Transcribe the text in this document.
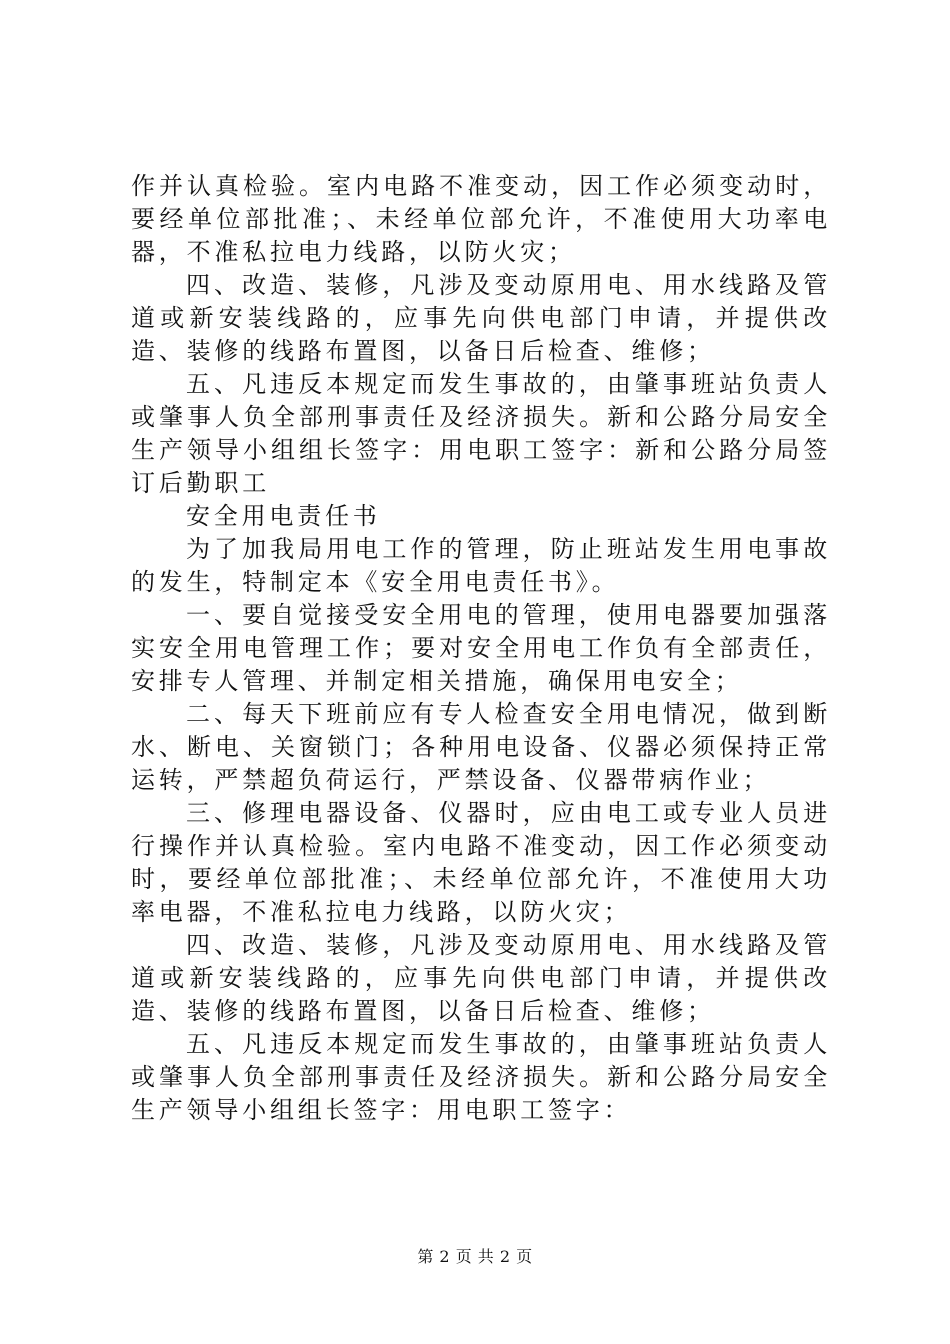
作并认真检验。室内电路不准变动，因工作必须变动时，要经单位部批准；、未经单位部允许，不准使用大功率电器，不准私拉电力线路，以防火灾；

四、改造、装修，凡涉及变动原用电、用水线路及管道或新安装线路的，应事先向供电部门申请，并提供改造、装修的线路布置图，以备日后检查、维修；

五、凡违反本规定而发生事故的，由肇事班站负责人或肇事人负全部刑事责任及经济损失。新和公路分局安全生产领导小组组长签字：用电职工签字：新和公路分局签订后勤职工

安全用电责任书

为了加我局用电工作的管理，防止班站发生用电事故的发生，特制定本《安全用电责任书》。

一、要自觉接受安全用电的管理，使用电器要加强落实安全用电管理工作；要对安全用电工作负有全部责任，安排专人管理、并制定相关措施，确保用电安全；

二、每天下班前应有专人检查安全用电情况，做到断水、断电、关窗锁门；各种用电设备、仪器必须保持正常运转，严禁超负荷运行，严禁设备、仪器带病作业；

三、修理电器设备、仪器时，应由电工或专业人员进行操作并认真检验。室内电路不准变动，因工作必须变动时，要经单位部批准；、未经单位部允许，不准使用大功率电器，不准私拉电力线路，以防火灾；

四、改造、装修，凡涉及变动原用电、用水线路及管道或新安装线路的，应事先向供电部门申请，并提供改造、装修的线路布置图，以备日后检查、维修；

五、凡违反本规定而发生事故的，由肇事班站负责人或肇事人负全部刑事责任及经济损失。新和公路分局安全生产领导小组组长签字：用电职工签字：

第 2 页 共 2 页
